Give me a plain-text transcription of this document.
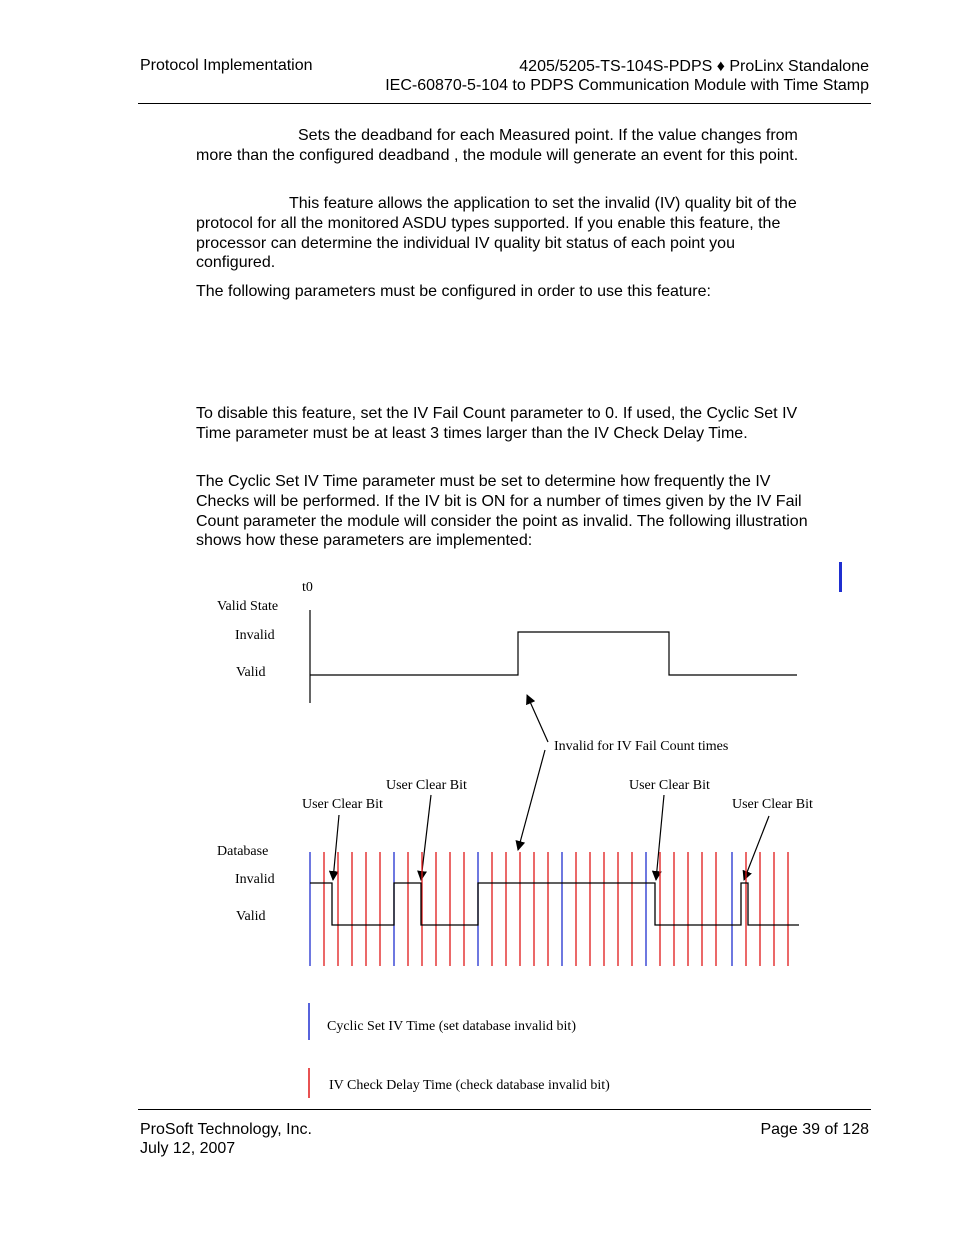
Protocol Implementation	4205/5205-TS-104S-PDPS ♦ ProLinx Standalone
IEC-60870-5-104 to PDPS Communication Module with Time Stamp
Sets the deadband for each Measured point. If the value changes from more than the configured deadband , the module will generate an event for this point.
This feature allows the application to set the invalid (IV) quality bit of the protocol for all the monitored ASDU types supported. If you enable this feature, the processor can determine the individual IV quality bit status of each point you configured.
The following parameters must be configured in order to use this feature:
To disable this feature, set the IV Fail Count parameter to 0. If used, the Cyclic Set IV Time parameter must be at least 3 times larger than the IV Check Delay Time.
The Cyclic Set IV Time parameter must be set to determine how frequently the IV Checks will be performed. If the IV bit is ON for a number of times given by the IV Fail Count parameter the module will consider the point as invalid. The following illustration shows how these parameters are implemented:
t0
Valid State
Invalid
Valid
Invalid for IV Fail Count times
User Clear Bit
User Clear Bit
User Clear Bit
User Clear Bit
Database
Invalid
Valid
Cyclic Set IV Time (set database invalid bit)
IV Check Delay Time (check database invalid bit)
ProSoft Technology, Inc.
July 12, 2007
Page 39 of 128
